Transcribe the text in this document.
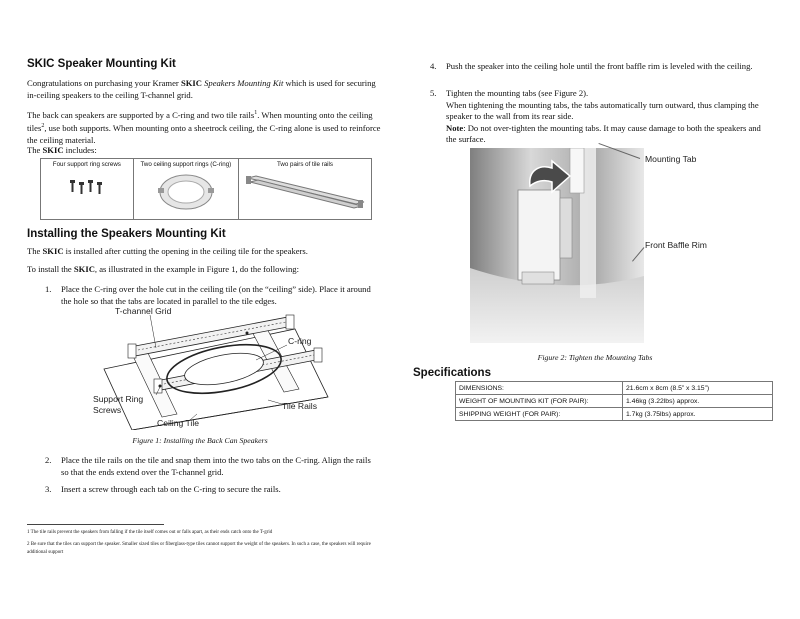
SKIC Speaker Mounting Kit

Congratulations on purchasing your Kramer SKIC Speakers Mounting Kit which is used for securing in-ceiling speakers to the ceiling T-channel grid.

The back can speakers are supported by a C-ring and two tile rails$^1$. When mounting onto the ceiling tiles$^2$, use both supports. When mounting onto a sheetrock ceiling, the C-ring alone is used to reinforce the ceiling material.

The SKIC includes:

Four support ring screws	Two ceiling support rings (C-ring)	Two pairs of tile rails
Installing the Speakers Mounting Kit

The SKIC is installed after cutting the opening in the ceiling tile for the speakers.

To install the SKIC, as illustrated in the example in Figure 1, do the following:

1. Place the C-ring over the hole cut in the ceiling tile (on the “ceiling” side). Place it around the hole so that the tabs are located in parallel to the tile edges.
T-channel Grid
C-ring
Support Ring
Screws	Tile Rails
Ceiling Tile
Figure 1: Installing the Back Can Speakers
2. Place the tile rails on the tile and snap them into the two tabs on the C-ring. Align the rails so that the ends extend over the T-channel grid.
3. Insert a screw through each tab on the C-ring to secure the rails.
1 The tile rails prevent the speakers from falling if the tile itself comes out or falls apart, as their ends catch onto the T-grid
2 Be sure that the tiles can support the speaker. Smaller sized tiles or fiberglass-type tiles cannot support the weight of the speakers. In such a case, the speakers will require additional support
4. Push the speaker into the ceiling hole until the front baffle rim is leveled with the ceiling.
5. Tighten the mounting tabs (see Figure 2).
When tightening the mounting tabs, the tabs automatically turn outward, thus clamping the speaker to the wall from its rear side.
Note: Do not over-tighten the mounting tabs. It may cause damage to both the speakers and the surface.
Mounting Tab
Front Baffle Rim
Figure 2: Tighten the Mounting Tabs
Specifications
DIMENSIONS:	21.6cm x 8cm (8.5” x 3.15”)
WEIGHT OF MOUNTING KIT (FOR PAIR):	1.46kg (3.22lbs) approx.
SHIPPING WEIGHT (FOR PAIR):	1.7kg (3.75lbs) approx.
